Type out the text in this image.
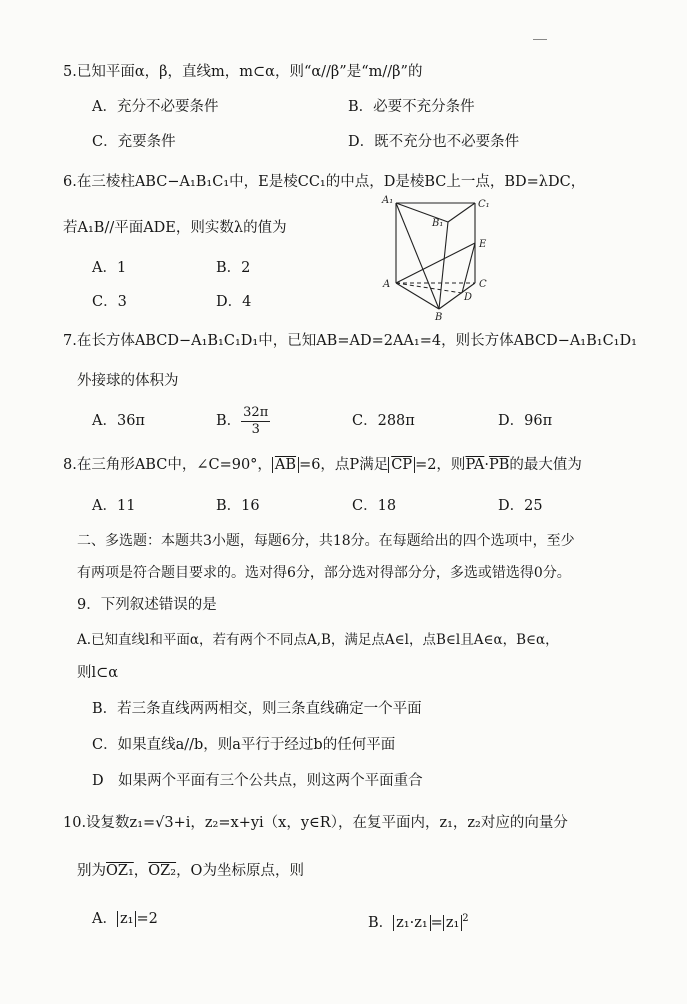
5.已知平面α，β，直线m，m⊂α，则“α//β”是“m//β”的
A．充分不必要条件	B．必要不充分条件
C．充要条件	D．既不充分也不必要条件
6.在三棱柱ABC−A₁B₁C₁中，E是棱CC₁的中点，D是棱BC上一点，BD=λDC，
若A₁B//平面ADE，则实数λ的值为
A．1	B．2
C．3	D．4
A₁
B₁
C₁
E
A	C
D
B
7.在长方体ABCD−A₁B₁C₁D₁中，已知AB=AD=2AA₁=4，则长方体ABCD−A₁B₁C₁D₁
外接球的体积为
A．36π	B． $\frac{32\pi}{3}$	C．288π	D．96π
8.在三角形ABC中，∠C=90°， $\overline{AB} =6$，点P满足 $\overline{CP} =2$，则$\overline{PA}\cdot\overline{PB}$的最大值为
A．11	B．16	C．18	D．25
二、多选题：本题共3小题，每题6分，共18分。在每题给出的四个选项中，至少
有两项是符合题目要求的。选对得6分，部分选对得部分分，多选或错选得0分。
9．下列叙述错误的是
A.已知直线l和平面α，若有两个不同点A,B，满足点A∈l，点B∈l且A∈α，B∈α，
则l⊂α
B．若三条直线两两相交，则三条直线确定一个平面
C．如果直线a//b，则a平行于经过b的任何平面
D　如果两个平面有三个公共点，则这两个平面重合
10.设复数z₁=√3+i，z₂=x+yi（x，y∈R），在复平面内，z₁，z₂对应的向量分
别为OZ₁，OZ₂，O为坐标原点，则
A． z₁ =2	B． z₁·z₁ = z₁ $^2$
